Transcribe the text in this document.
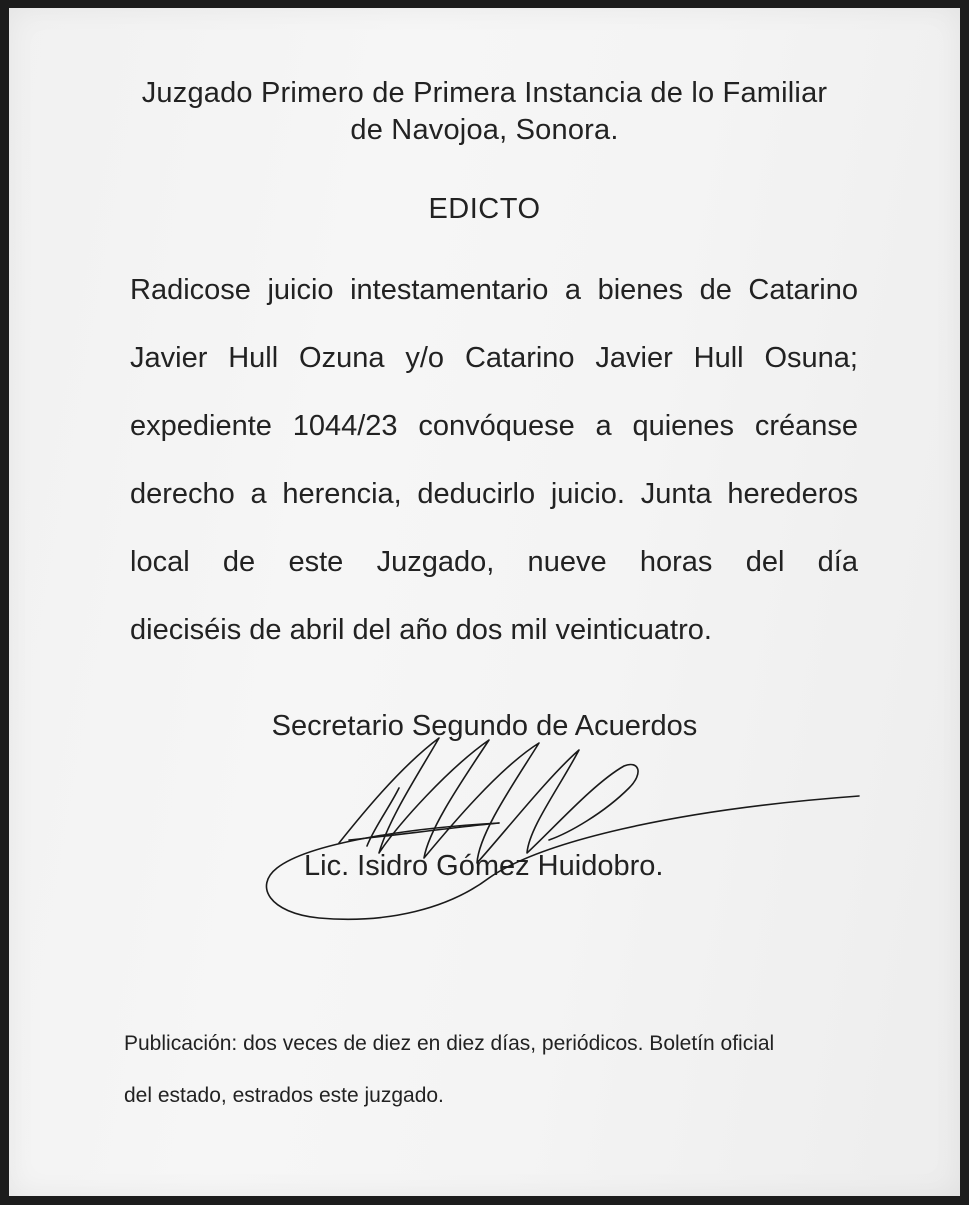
Juzgado Primero de Primera Instancia de lo Familiar
de Navojoa, Sonora.
EDICTO
Radicose juicio intestamentario a bienes de Catarino
Javier Hull Ozuna y/o Catarino Javier Hull Osuna;
expediente 1044/23 convóquese a quienes créanse
derecho a herencia, deducirlo juicio. Junta herederos
local de este Juzgado, nueve horas del día
dieciséis de abril del año dos mil veinticuatro.
Secretario Segundo de Acuerdos
Lic. Isidro Gómez Huidobro.
Publicación: dos veces de diez en diez días, periódicos. Boletín oficial
del estado, estrados este juzgado.
